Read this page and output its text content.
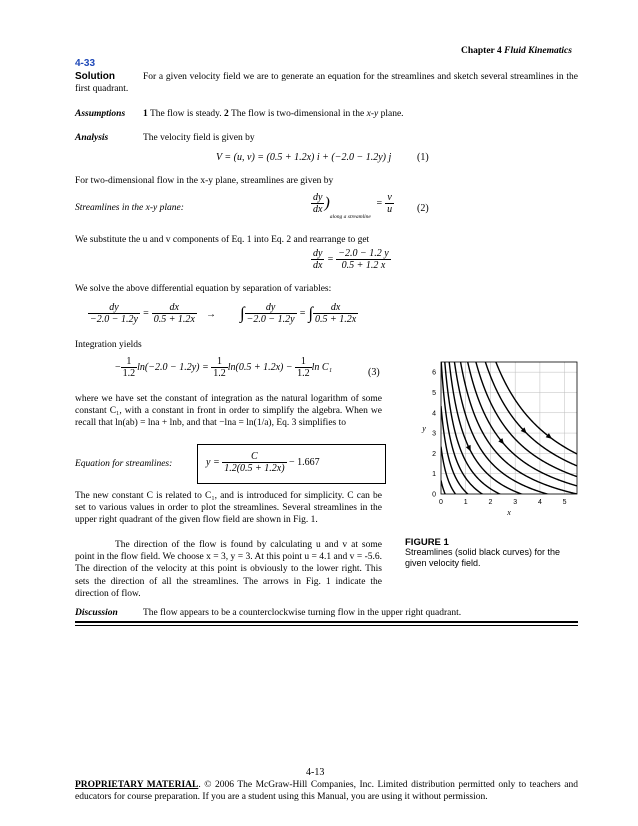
Chapter 4 Fluid Kinematics
4-33
Solution	For a given velocity field we are to generate an equation for the streamlines and sketch several streamlines in the first quadrant.
Assumptions 1 The flow is steady. 2 The flow is two-dimensional in the x-y plane.
Analysis	The velocity field is given by
V = (u, v) = (0.5 + 1.2x) i + (−2.0 − 1.2y) j	(1)
For two-dimensional flow in the x-y plane, streamlines are given by
Streamlines in the x-y plane:	$\frac{dy}{dx} )_{along a streamline} = \frac{v}{u} (2)$
We substitute the u and v components of Eq. 1 into Eq. 2 and rearrange to get
$\frac{dy}{dx} = \frac{-2.0 - 1.2 y}{0.5 + 1.2 x}$
We solve the above differential equation by separation of variables:
$\frac{dy}{-2.0 - 1.2y} = \frac{dx}{0.5 + 1.2x}$ → ∫ $\frac{dy}{-2.0 - 1.2y}$ = ∫ $\frac{dx}{0.5 + 1.2x}$
Integration yields
− $\frac{1}{1.2} \ln(-2.0 - 1.2y) = \frac{1}{1.2} \ln(0.5 + 1.2x) - \frac{1}{1.2}$ ln C₁	(3)
where we have set the constant of integration as the natural logarithm of some constant C₁, with a constant in front in order to simplify the algebra. When we recall that ln(ab) = lna + lnb, and that −lna = ln(1/a), Eq. 3 simplifies to
Equation for streamlines:	$y = \frac{C}{1.2(0.5 + 1.2x)} - 1.667$
The new constant C is related to C₁, and is introduced for simplicity. C can be set to various values in order to plot the streamlines. Several streamlines in the upper right quadrant of the given flow field are shown in Fig. 1.
The direction of the flow is found by calculating u and v at some point in the flow field. We choose x = 3, y = 3. At this point u = 4.1 and v = -5.6. The direction of the velocity at this point is obviously to the lower right. This sets the direction of all the streamlines. The arrows in Fig. 1 indicate the direction of flow.
0	1	2	3	4	5
0
1
2
3
4
5
6
x
y
FIGURE 1
Streamlines (solid black curves) for the given velocity field.
Discussion	The flow appears to be a counterclockwise turning flow in the upper right quadrant.
4-13
PROPRIETARY MATERIAL. © 2006 The McGraw-Hill Companies, Inc. Limited distribution permitted only to teachers and educators for course preparation. If you are a student using this Manual, you are using it without permission.
